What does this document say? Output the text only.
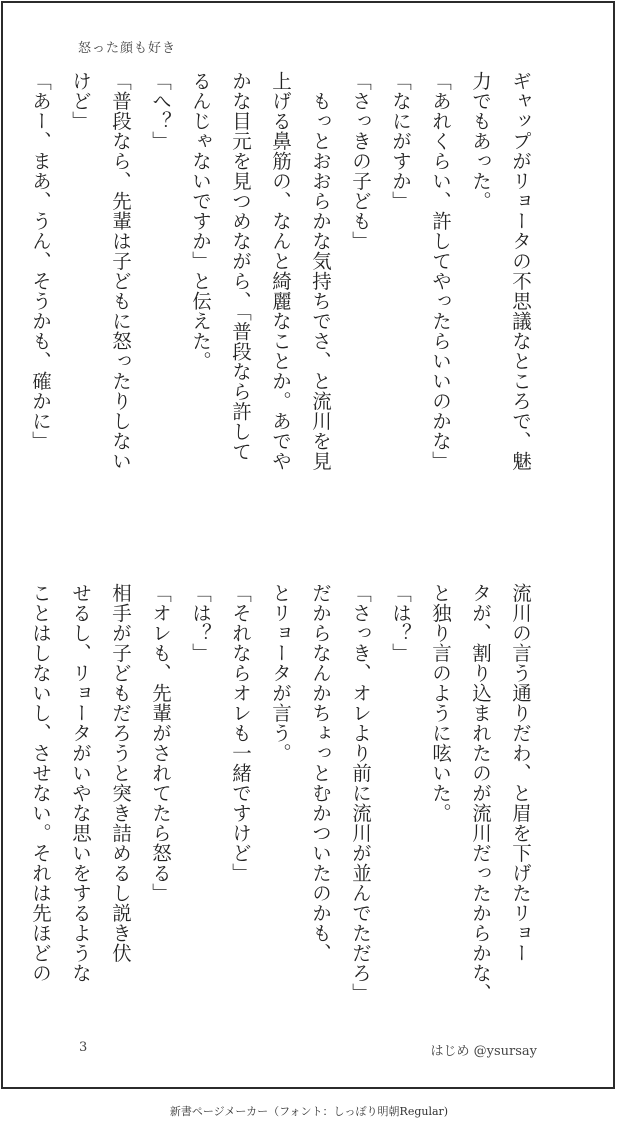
怒った顔も好き
ギャップがリョータの不思議なところで、魅
力でもあった。
「あれくらい、許してやったらいいのかな」
「なにがすか」
「さっきの子ども」
　もっとおおらかな気持ちでさ、と流川を見
上げる鼻筋の、なんと綺麗なことか。あでや
かな目元を見つめながら、「普段なら許して
るんじゃないですか」と伝えた。
「へ？」
「普段なら、先輩は子どもに怒ったりしない
けど」
「あー、まあ、うん、そうかも、確かに」
流川の言う通りだわ、と眉を下げたリョー
タが、割り込まれたのが流川だったからかな、
と独り言のように呟いた。
「は？」
「さっき、オレより前に流川が並んでただろ」
だからなんかちょっとむかついたのかも、
とリョータが言う。
「それならオレも一緒ですけど」
「は？」
「オレも、先輩がされてたら怒る」
相手が子どもだろうと突き詰めるし説き伏
せるし、リョータがいやな思いをするような
ことはしないし、させない。それは先ほどの
3	はじめ @ysursay
新書ページメーカー（フォント：しっぽり明朝Regular)
